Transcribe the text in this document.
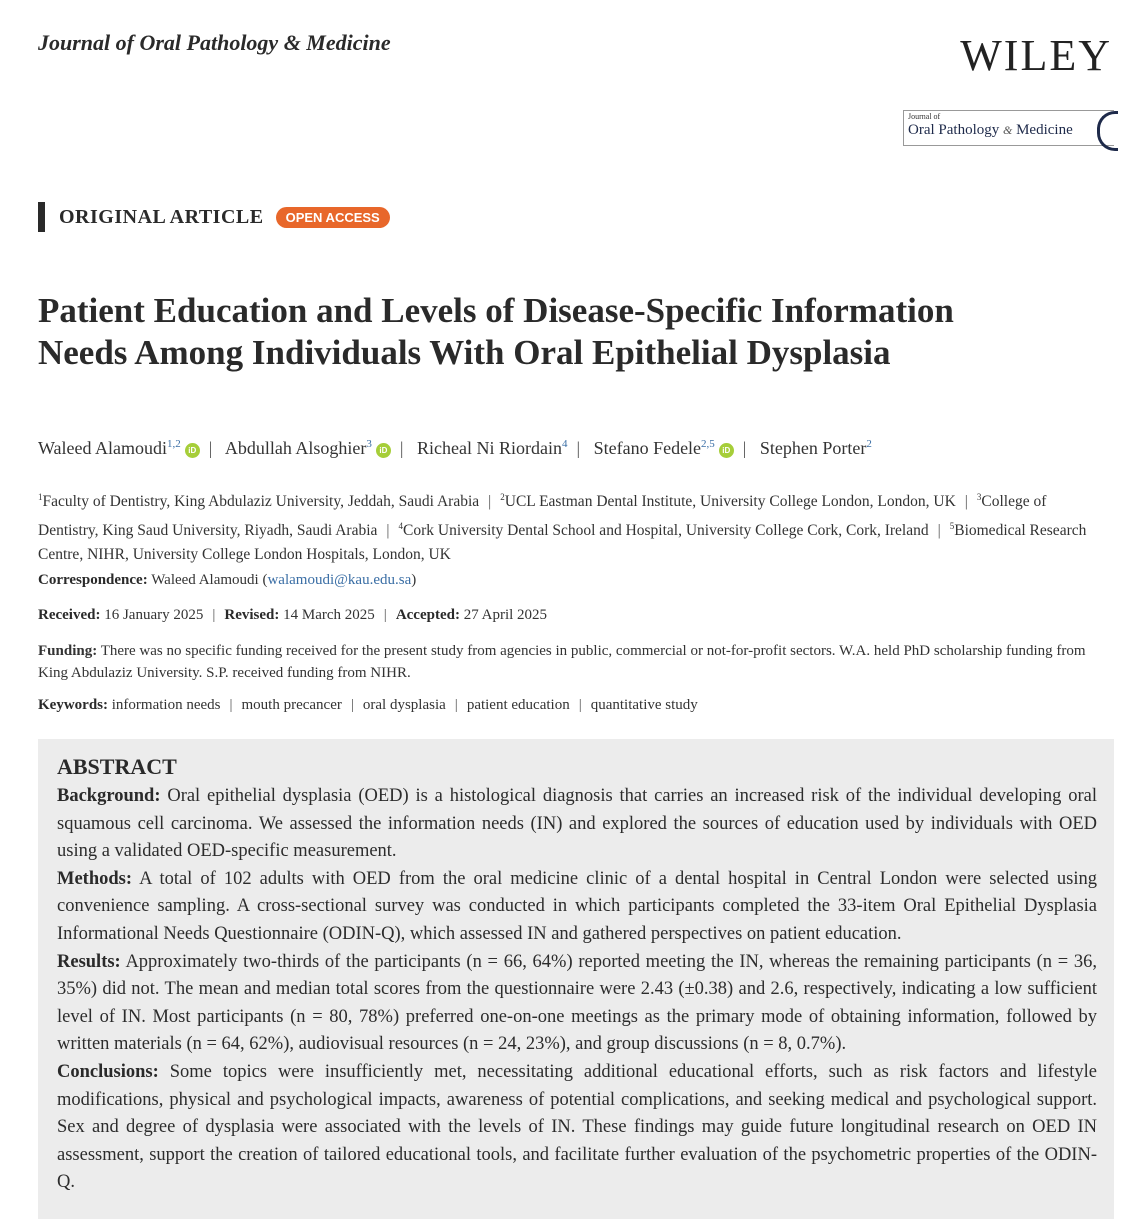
Journal of Oral Pathology & Medicine	WILEY
Journal of
Oral Pathology & Medicine
ORIGINAL ARTICLE	OPEN ACCESS
Patient Education and Levels of Disease-Specific Information Needs Among Individuals With Oral Epithelial Dysplasia
Waleed Alamoudi$^{1,2}$iD | Abdullah Alsoghier$^3$iD | Richeal Ni Riordain$^4$ | Stefano Fedele$^{2,5}$iD | Stephen Porter$^2$
$^1$Faculty of Dentistry, King Abdulaziz University, Jeddah, Saudi Arabia | $^2$UCL Eastman Dental Institute, University College London, London, UK | $^3$College of Dentistry, King Saud University, Riyadh, Saudi Arabia | $^4$Cork University Dental School and Hospital, University College Cork, Cork, Ireland | $^5$Biomedical Research Centre, NIHR, University College London Hospitals, London, UK
Correspondence: Waleed Alamoudi (walamoudi@kau.edu.sa)
Received: 16 January 2025 | Revised: 14 March 2025 | Accepted: 27 April 2025
Funding: There was no specific funding received for the present study from agencies in public, commercial or not-for-profit sectors. W.A. held PhD scholarship funding from King Abdulaziz University. S.P. received funding from NIHR.
Keywords: information needs | mouth precancer | oral dysplasia | patient education | quantitative study
ABSTRACT

Background: Oral epithelial dysplasia (OED) is a histological diagnosis that carries an increased risk of the individual developing oral squamous cell carcinoma. We assessed the information needs (IN) and explored the sources of education used by individuals with OED using a validated OED-specific measurement.

Methods: A total of 102 adults with OED from the oral medicine clinic of a dental hospital in Central London were selected using convenience sampling. A cross-sectional survey was conducted in which participants completed the 33-item Oral Epithelial Dysplasia Informational Needs Questionnaire (ODIN-Q), which assessed IN and gathered perspectives on patient education.

Results: Approximately two-thirds of the participants (n = 66, 64%) reported meeting the IN, whereas the remaining participants (n = 36, 35%) did not. The mean and median total scores from the questionnaire were 2.43 (±0.38) and 2.6, respectively, indicating a low sufficient level of IN. Most participants (n = 80, 78%) preferred one-on-one meetings as the primary mode of obtaining information, followed by written materials (n = 64, 62%), audiovisual resources (n = 24, 23%), and group discussions (n = 8, 0.7%).

Conclusions: Some topics were insufficiently met, necessitating additional educational efforts, such as risk factors and lifestyle modifications, physical and psychological impacts, awareness of potential complications, and seeking medical and psychological support. Sex and degree of dysplasia were associated with the levels of IN. These findings may guide future longitudinal research on OED IN assessment, support the creation of tailored educational tools, and facilitate further evaluation of the psychometric properties of the ODIN-Q.
